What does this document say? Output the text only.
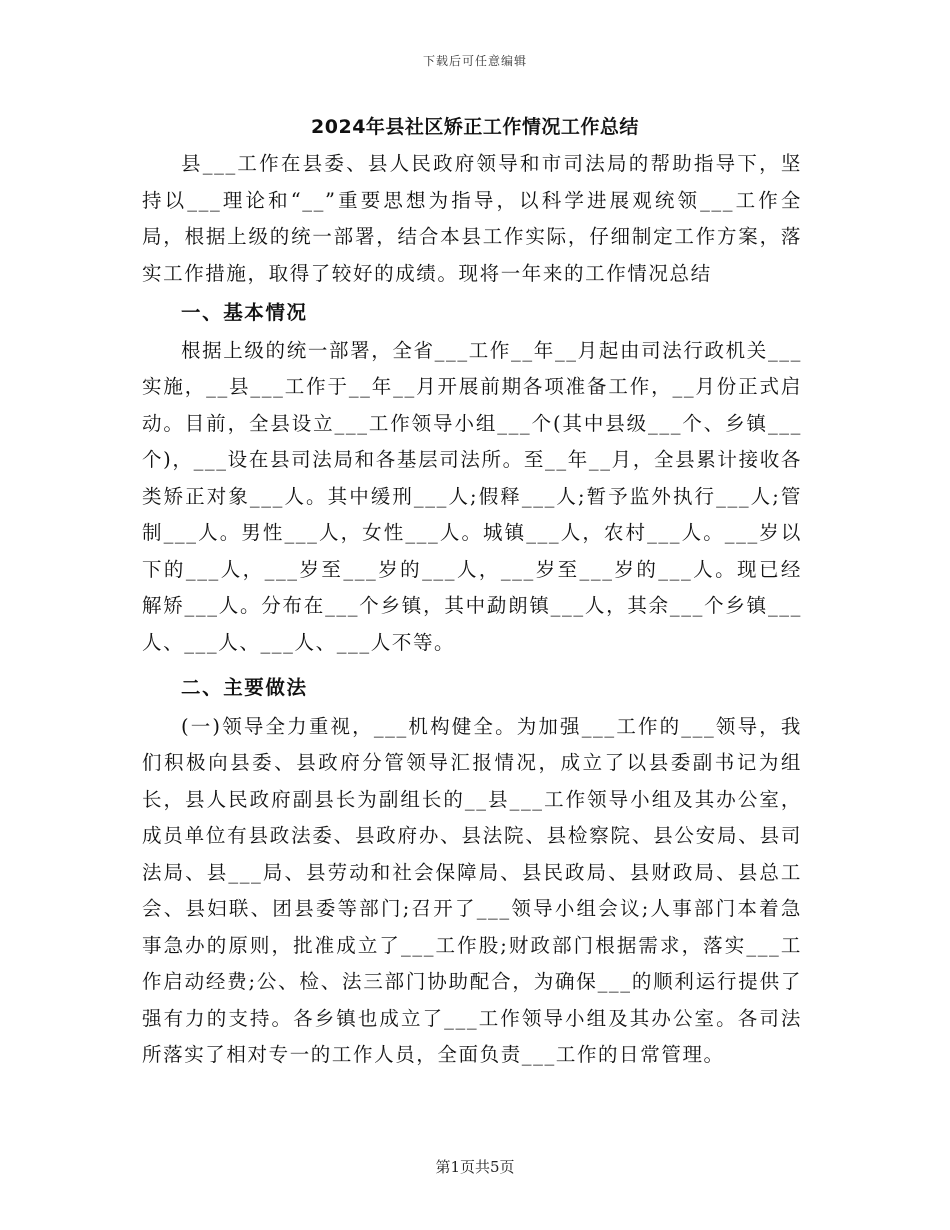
下载后可任意编辑
2024年县社区矫正工作情况工作总结

县___工作在县委、县人民政府领导和市司法局的帮助指导下，坚持以___理论和“__”重要思想为指导，以科学进展观统领___工作全局，根据上级的统一部署，结合本县工作实际，仔细制定工作方案，落实工作措施，取得了较好的成绩。现将一年来的工作情况总结

一、基本情况

根据上级的统一部署，全省___工作__年__月起由司法行政机关___实施，__县___工作于__年__月开展前期各项准备工作，__月份正式启动。目前，全县设立___工作领导小组___个(其中县级___个、乡镇___个)，___设在县司法局和各基层司法所。至__年__月，全县累计接收各类矫正对象___人。其中缓刑___人;假释___人;暂予监外执行___人;管制___人。男性___人，女性___人。城镇___人，农村___人。___岁以下的___人，___岁至___岁的___人，___岁至___岁的___人。现已经解矫___人。分布在___个乡镇，其中勐朗镇___人，其余___个乡镇___人、___人、___人、___人不等。

二、主要做法

(一)领导全力重视，___机构健全。为加强___工作的___领导，我们积极向县委、县政府分管领导汇报情况，成立了以县委副书记为组长，县人民政府副县长为副组长的__县___工作领导小组及其办公室，成员单位有县政法委、县政府办、县法院、县检察院、县公安局、县司法局、县___局、县劳动和社会保障局、县民政局、县财政局、县总工会、县妇联、团县委等部门;召开了___领导小组会议;人事部门本着急事急办的原则，批准成立了___工作股;财政部门根据需求，落实___工作启动经费;公、检、法三部门协助配合，为确保___的顺利运行提供了强有力的支持。各乡镇也成立了___工作领导小组及其办公室。各司法所落实了相对专一的工作人员，全面负责___工作的日常管理。

第1页共5页
